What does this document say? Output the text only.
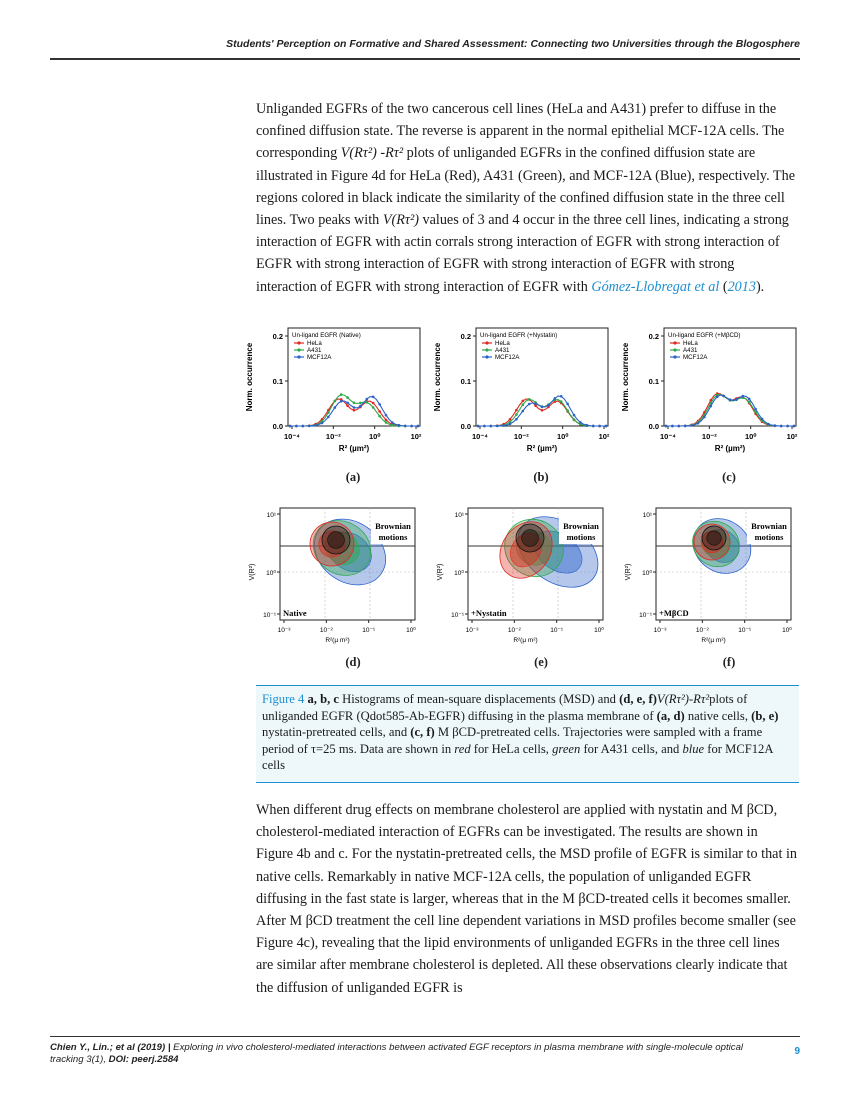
Students' Perception on Formative and Shared Assessment: Connecting two Universities through the Blogosphere
Unliganded EGFRs of the two cancerous cell lines (HeLa and A431) prefer to diffuse in the confined diffusion state. The reverse is apparent in the normal epithelial MCF-12A cells. The corresponding V(Rτ²) -Rτ² plots of unliganded EGFRs in the confined diffusion state are illustrated in Figure 4d for HeLa (Red), A431 (Green), and MCF-12A (Blue), respectively. The regions colored in black indicate the similarity of the confined diffusion state in the three cell lines. Two peaks with V(Rτ²) values of 3 and 4 occur in the three cell lines, indicating a strong interaction of EGFR with actin corrals strong interaction of EGFR with strong interaction of EGFR with strong interaction of EGFR with strong interaction of EGFR with strong interaction of EGFR with strong interaction of EGFR with Gómez-Llobregat et al (2013).
0.0
0.1
0.2
Norm. occurrence
10⁻⁴	10⁻²	10⁰	10²
R² (µm²)
Un-ligand EGFR (Native)
HeLa
A431
MCF12A
0.0
0.1
0.2
Norm. occurrence
10⁻⁴	10⁻²	10⁰	10²
R² (µm²)
Un-ligand EGFR (+Nystatin)
HeLa
A431
MCF12A
0.0
0.1
0.2
Norm. occurrence
10⁻⁴	10⁻²	10⁰	10²
R² (µm²)
Un-ligand EGFR (+MβCD)
HeLa
A431
MCF12A
(a)	(b)	(c)
Brownian
motions
Native
10⁻¹
10⁰
10¹
V(R²)
10⁻³	10⁻²	10⁻¹	10⁰
R²(µ m²)
Brownian
motions
+Nystatin
10⁻¹
10⁰
10¹
V(R²)
10⁻³	10⁻²	10⁻¹	10⁰
R²(µ m²)
Brownian
motions
+MβCD
10⁻¹
10⁰
10¹
V(R²)
10⁻³	10⁻²	10⁻¹	10⁰
R²(µ m²)
(d)	(e)	(f)
Figure 4 a, b, c Histograms of mean-square displacements (MSD) and (d, e, f)V(Rτ²)-Rτ²plots of unliganded EGFR (Qdot585-Ab-EGFR) diffusing in the plasma membrane of (a, d) native cells, (b, e) nystatin-pretreated cells, and (c, f) M βCD-pretreated cells. Trajectories were sampled with a frame period of τ=25 ms. Data are shown in red for HeLa cells, green for A431 cells, and blue for MCF12A cells
When different drug effects on membrane cholesterol are applied with nystatin and M βCD, cholesterol-mediated interaction of EGFRs can be investigated. The results are shown in Figure 4b and c. For the nystatin-pretreated cells, the MSD profile of EGFR is similar to that in native cells. Remarkably in native MCF-12A cells, the population of unliganded EGFR diffusing in the fast state is larger, whereas that in the M βCD-treated cells it becomes smaller. After M βCD treatment the cell line dependent variations in MSD profiles become smaller (see Figure 4c), revealing that the lipid environments of unliganded EGFRs in the three cell lines are similar after membrane cholesterol is depleted. All these observations clearly indicate that the diffusion of unliganded EGFR is
Chien Y., Lin.; et al (2019) | Exploring in vivo cholesterol-mediated interactions between activated EGF receptors in plasma membrane with single-molecule optical tracking 3(1), DOI: peerj.2584
9
